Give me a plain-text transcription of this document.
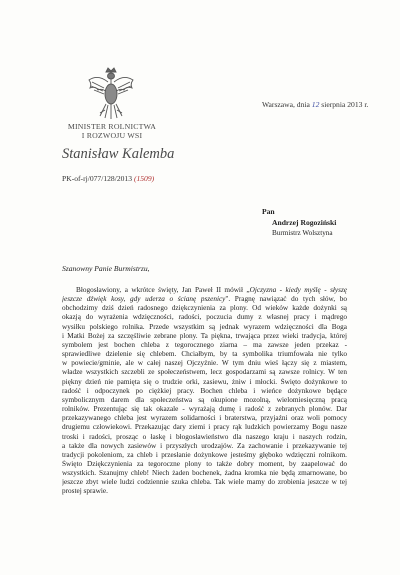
MINISTER ROLNICTWA
I ROZWOJU WSI
Stanisław Kalemba
PK-of-rj/077/128/2013 (1509)
Warszawa, dnia 12 sierpnia 2013 r.
Pan
Andrzej Rogoziński
Burmistrz Wolsztyna
Szanowny Panie Burmistrzu,
Błogosławiony, a wkrótce święty, Jan Paweł II mówił „Ojczyzna - kiedy myślę - słyszę
jeszcze dźwięk kosy, gdy uderza o ścianę pszenicy". Pragnę nawiązać do tych słów, bo
obchodzimy dziś dzień radosnego dziękczynienia za plony. Od wieków każde dożynki są
okazją do wyrażenia wdzięczności, radości, poczucia dumy z własnej pracy i mądrego
wysiłku polskiego rolnika. Przede wszystkim są jednak wyrazem wdzięczności dla Boga
i Matki Bożej za szczęśliwie zebrane plony. Ta piękna, trwająca przez wieki tradycja, której
symbolem jest bochen chleba z tegorocznego ziarna – ma zawsze jeden przekaz -
sprawiedliwe dzielenie się chlebem. Chciałbym, by ta symbolika triumfowała nie tylko
w powiecie/gminie, ale w całej naszej Ojczyźnie. W tym dniu wieś łączy się z miastem,
władze wszystkich szczebli ze społeczeństwem, lecz gospodarzami są zawsze rolnicy. W ten
piękny dzień nie pamięta się o trudzie orki, zasiewu, żniw i młocki. Święto dożynkowe to
radość i odpoczynek po ciężkiej pracy. Bochen chleba i wieńce dożynkowe będące
symbolicznym darem dla społeczeństwa są okupione mozolną, wielomiesięczną pracą
rolników. Prezentując się tak okazale - wyrażają dumę i radość z zebranych plonów. Dar
przekazywanego chleba jest wyrazem solidarności i braterstwa, przyjaźni oraz woli pomocy
drugiemu człowiekowi. Przekazując dary ziemi i pracy rąk ludzkich powierzamy Bogu nasze
troski i radości, prosząc o łaskę i błogosławieństwo dla naszego kraju i naszych rodzin,
a także dla nowych zasiewów i przyszłych urodzajów. Za zachowanie i przekazywanie tej
tradycji pokoleniom, za chleb i przesłanie dożynkowe jesteśmy głęboko wdzięczni rolnikom.
Święto Dziękczynienia za tegoroczne plony to także dobry moment, by zaapelować do
wszystkich. Szanujmy chleb! Niech żaden bochenek, żadna kromka nie będą zmarnowane, bo
jeszcze zbyt wiele ludzi codziennie szuka chleba. Tak wiele mamy do zrobienia jeszcze w tej
prostej sprawie.
